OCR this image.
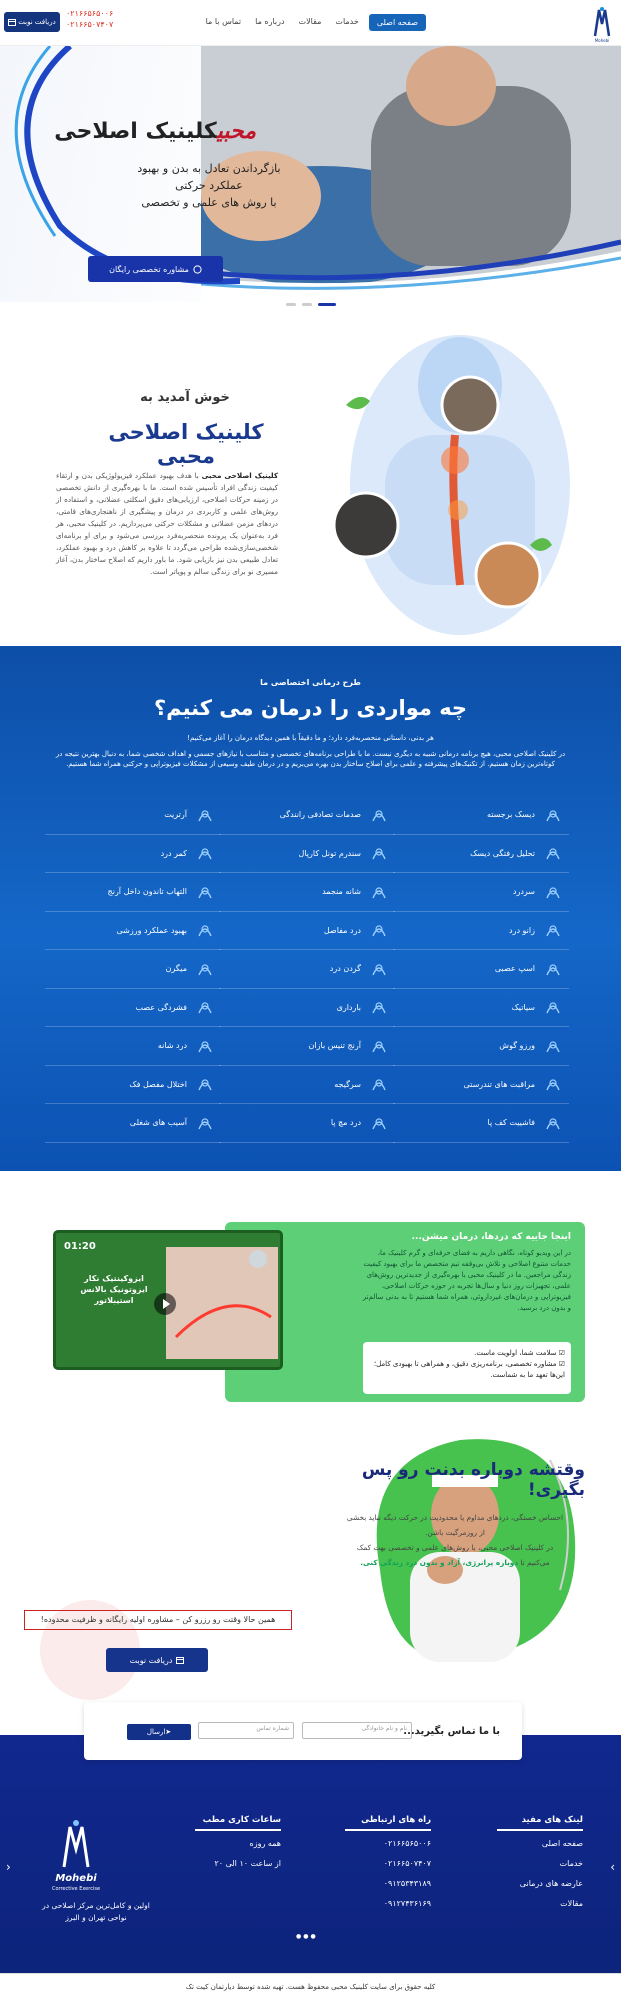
Mohebi
صفحه اصلی
خدمات
مقالات
درباره ما
تماس با ما
۰۲۱۶۶۵۶۵۰۰۶
۰۲۱۶۶۵۰۷۴۰۷
دریافت نوبت
محبیکلینیک اصلاحی
بازگرداندن تعادل به بدن و بهبود عملکرد حرکتی
با روش های علمی و تخصصی
مشاوره تخصصی رایگان
خوش آمدید به
کلینیک اصلاحی محبی
کلینیک اصلاحی محبی با هدف بهبود عملکرد فیزیولوژیکی بدن و ارتقاء کیفیت زندگی افراد تأسیس شده است. ما با بهره‌گیری از دانش تخصصی در زمینه حرکات اصلاحی، ارزیابی‌های دقیق اسکلتی عضلانی، و استفاده از روش‌های علمی و کاربردی در درمان و پیشگیری از ناهنجاری‌های قامتی، دردهای مزمن عضلانی و مشکلات حرکتی می‌پردازیم. در کلینیک محبی، هر فرد به‌عنوان یک پرونده منحصربه‌فرد بررسی می‌شود و برای او برنامه‌ای شخصی‌سازی‌شده طراحی می‌گردد تا علاوه بر کاهش درد و بهبود عملکرد، تعادل طبیعی بدن نیز بازیابی شود. ما باور داریم که اصلاح ساختار بدن، آغاز مسیری نو برای زندگی سالم و پویاتر است.
طرح درمانی اختصاصی ما
چه مواردی را درمان می کنیم؟
هر بدنی، داستانی منحصر‌به‌فرد دارد؛ و ما دقیقاً با همین دیدگاه درمان را آغاز می‌کنیم!
در کلینیک اصلاحی محبی، هیچ برنامه درمانی شبیه به دیگری نیست. ما با طراحی برنامه‌های تخصصی و متناسب با نیازهای جسمی و اهداف شخصی شما، به دنبال بهترین نتیجه در کوتاه‌ترین زمان هستیم. از تکنیک‌های پیشرفته و علمی برای اصلاح ساختار بدن بهره می‌بریم و در درمان طیف وسیعی از مشکلات فیزیوتراپی و حرکتی همراه شما هستیم.
دیسک برجسته
تحلیل رفتگی دیسک
سردرد
زانو درد
اسپ عصبی
سیاتیک
ورزو گوش
مراقبت های تندرستی
فاشییت کف پا
صدمات تصادفی رانندگی
سندرم تونل کارپال
شانه منجمد
درد مفاصل
گردن درد
بارداری
آرنج تنیس بازان
سرگیجه
درد مچ پا
آرتریت
کمر درد
التهاب تاندون داخل آرنج
بهبود عملکرد ورزشی
میگرن
فشردگی عصب
درد شانه
اختلال مفصل فک
آسیب های شغلی
01:20
ایزوکینتیک نکار ایزوتونیک بالانس استیبلاتور
اینجا جاییه که دردها، درمان میشن...
در این ویدیو کوتاه، نگاهی داریم به فضای حرفه‌ای و گرم کلینیک ما، خدمات متنوع اصلاحی و تلاش بی‌وقفه تیم متخصص ما برای بهبود کیفیت زندگی مراجعین. ما در کلینیک محبی با بهره‌گیری از جدیدترین روش‌های علمی، تجهیزات روز دنیا و سال‌ها تجربه در حوزه حرکات اصلاحی، فیزیوتراپی و درمان‌های غیرداروئی، همراه شما هستیم تا به بدنی سالم‌تر و بدون درد برسید.
☑ سلامت شما، اولویت ماست.
☑ مشاوره تخصصی، برنامه‌ریزی دقیق، و همراهی تا بهبودی کامل؛ این‌ها تعهد ما به شماست.
وقتشه دوباره بدنت رو پس بگیری!
احساس خستگی، دردهای مداوم یا محدودیت در حرکت دیگه نباید بخشی از روزمرگیت باشن.
در کلینیک اصلاحی محبی، با روش‌های علمی و تخصصی بهت کمک می‌کنیم تا دوباره پرانرژی، آزاد و بدون درد زندگی کنی.
همین حالا وقتت رو رزرو کن – مشاوره اولیه رایگانه و ظرفیت محدوده!
دریافت نوبت
لینک های مفید
صفحه اصلی
خدمات
عارضه های درمانی
مقالات
راه های ارتباطی
۰۲۱۶۶۵۶۵۰۰۶
۰۲۱۶۶۵۰۷۴۰۷
۰۹۱۲۵۳۴۳۱۸۹
۰۹۱۲۷۴۳۶۱۶۹
ساعات کاری مطب
همه روزه
از ساعت ۱۰ الی ۲۰
Mohebi
Corrective Exercise
اولین و کامل‌ترین مرکز اصلاحی در نواحی تهران و البرز
‹	›
●●●
با ما تماس بگیرید...
نام و نام خانوادگی
شماره تماس
➤
ارسال
کلیه حقوق برای سایت کلینیک محبی محفوظ هست. تهیه شده توسط دیارتمان کیت تک
